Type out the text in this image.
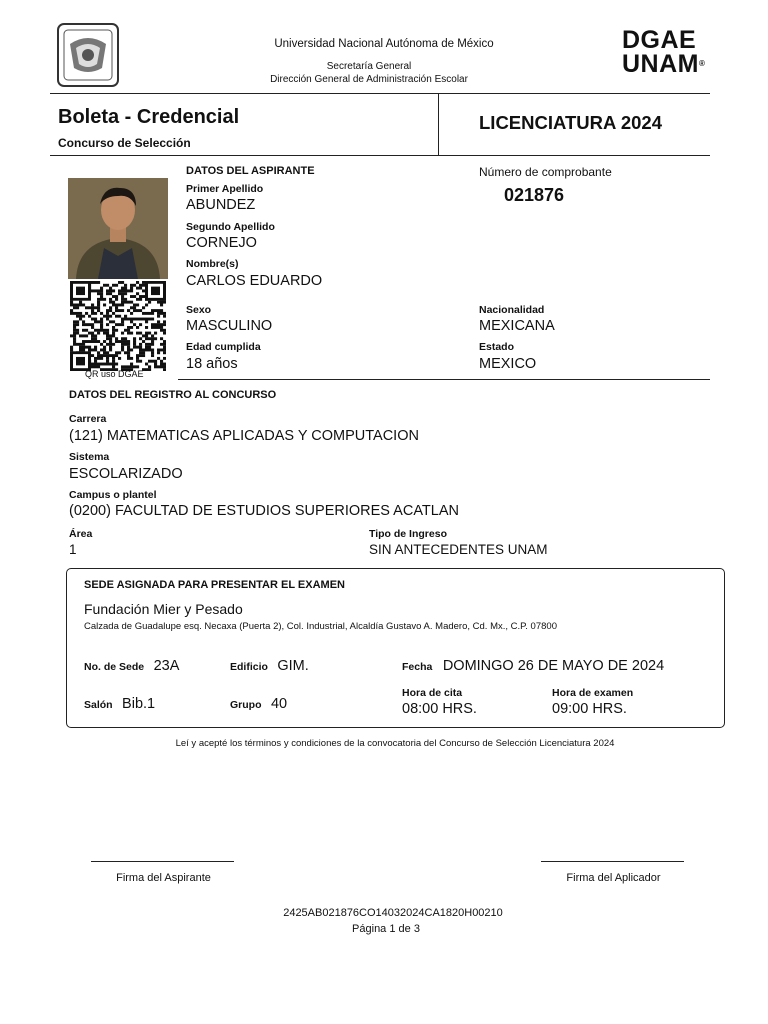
Universidad Nacional Autónoma de México
Secretaría General
Dirección General de Administración Escolar
DGAE
UNAM®
Boleta - Credencial
Concurso de Selección
LICENCIATURA 2024
QR uso DGAE
DATOS DEL ASPIRANTE
Primer Apellido
ABUNDEZ
Segundo Apellido
CORNEJO
Nombre(s)
CARLOS EDUARDO
Sexo
MASCULINO
Edad cumplida
18 años
Número de comprobante
021876
Nacionalidad
MEXICANA
Estado
MEXICO
DATOS DEL REGISTRO AL CONCURSO
Carrera
(121) MATEMATICAS APLICADAS Y COMPUTACION
Sistema
ESCOLARIZADO
Campus o plantel
(0200) FACULTAD DE ESTUDIOS SUPERIORES ACATLAN
Área
1
Tipo de Ingreso
SIN ANTECEDENTES UNAM
SEDE ASIGNADA PARA PRESENTAR EL EXAMEN
Fundación Mier y Pesado
Calzada de Guadalupe esq. Necaxa (Puerta 2), Col. Industrial, Alcaldía Gustavo A. Madero, Cd. Mx., C.P. 07800
No. de Sede 23A	Edificio GIM.	Fecha DOMINGO 26 DE MAYO DE 2024
Salón Bib.1	Grupo 40
Hora de cita
08:00 HRS.
Hora de examen
09:00 HRS.
Leí y acepté los términos y condiciones de la convocatoria del Concurso de Selección Licenciatura 2024
Firma del Aspirante	Firma del Aplicador
2425AB021876CO14032024CA1820H00210
Página 1 de 3
